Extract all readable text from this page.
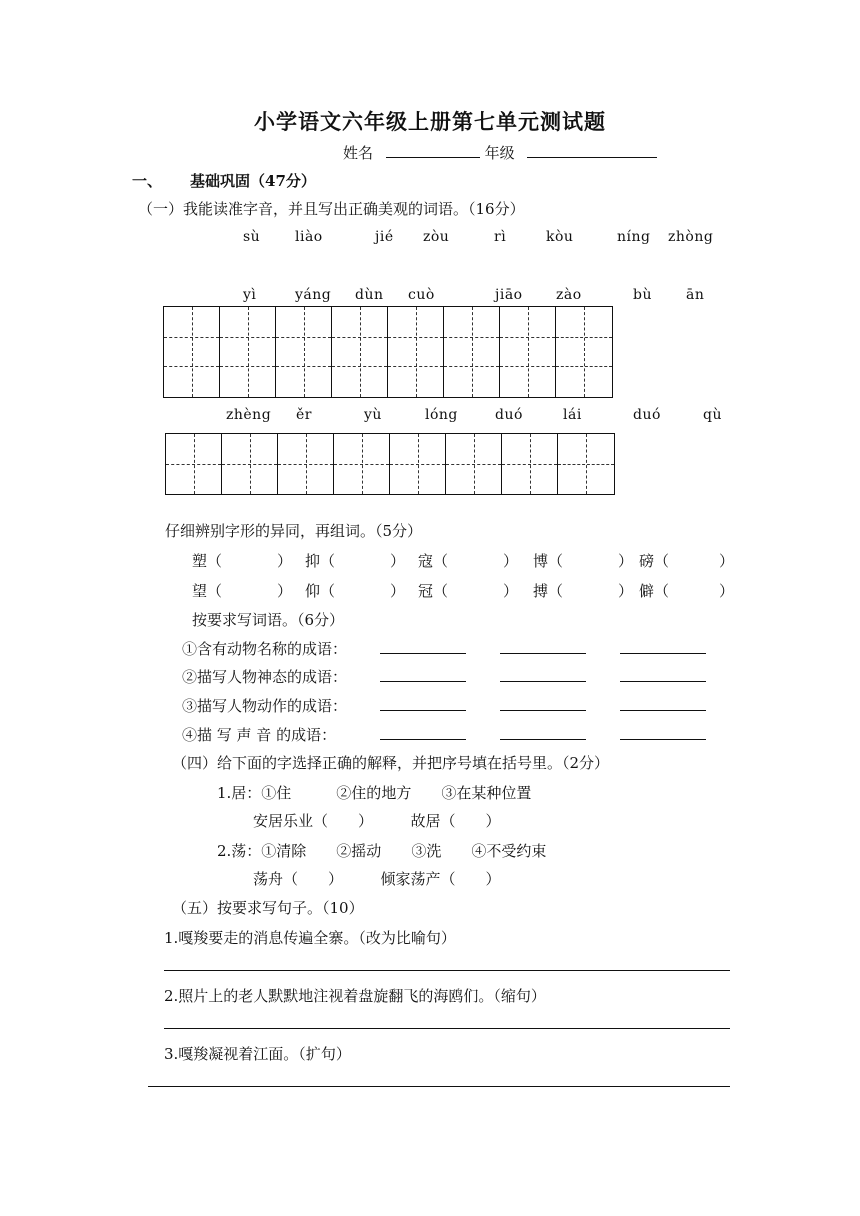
小学语文六年级上册第七单元测试题
姓名	年级
一、 基础巩固（47分）
（一）我能读准字音，并且写出正确美观的词语。（16分）
sù liào	jié zòu	rì	kòu	níng zhòng
yì	yáng dùn cuò	jiāo zào	bù ān
zhèng ěr	yù	lóng	duó	lái	duó	qù
仔细辨别字形的异同，再组词。（5分）
塑（	） 抑（	） 寇（	） 博（	） 磅（	）
望（	） 仰（	） 冠（	） 搏（	） 僻（	）
按要求写词语。（6分）
①含有动物名称的成语：
②描写人物神态的成语：
③描写人物动作的成语：
④描 写 声 音 的成语：
（四）给下面的字选择正确的解释，并把序号填在括号里。（2分）
1.居：①住　　　②住的地方　　③在某种位置
安居乐业（　　）　　　故居（　　）
2.荡：①清除　　②摇动　　③洗　　④不受约束
荡舟（　　）　　　倾家荡产（　　）
（五）按要求写句子。（10）
1.嘎羧要走的消息传遍全寨。（改为比喻句）
2.照片上的老人默默地注视着盘旋翻飞的海鸥们。（缩句）
3.嘎羧凝视着江面。（扩句）
